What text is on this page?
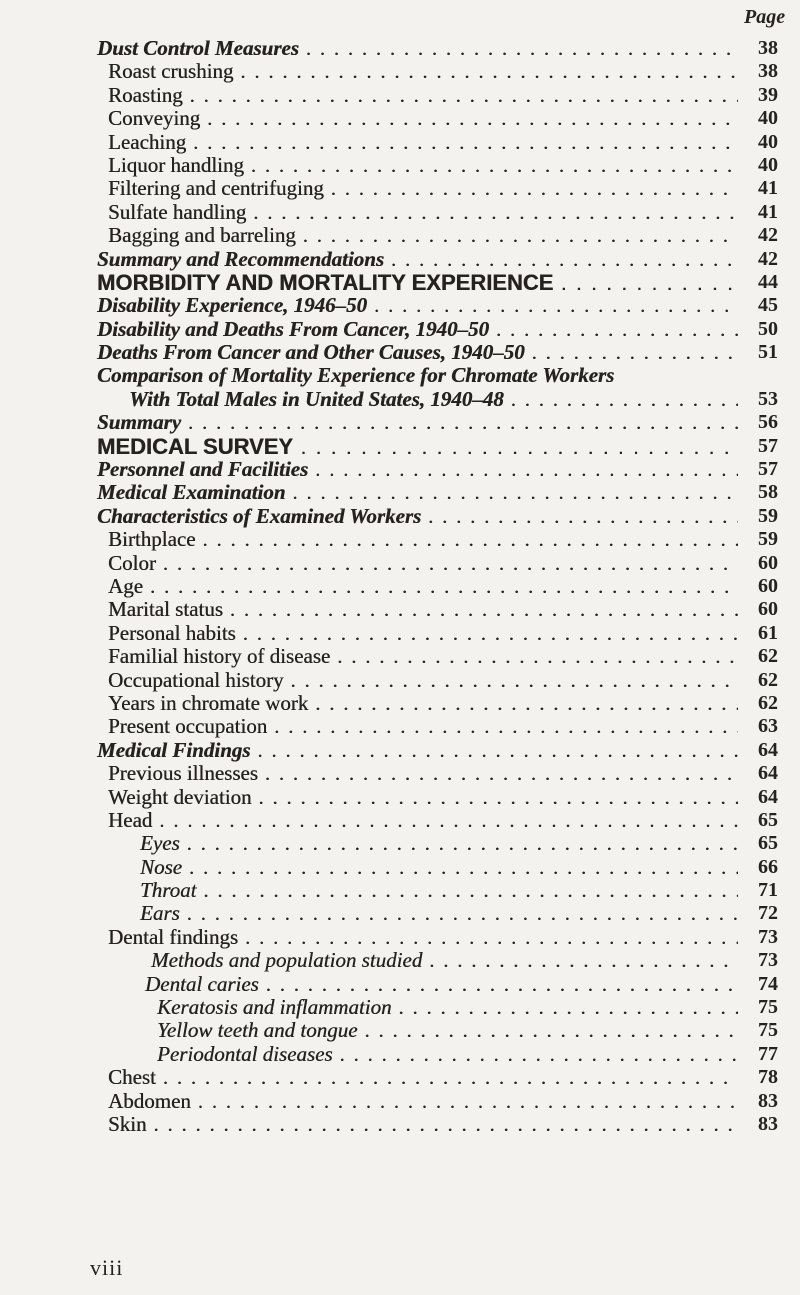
Page
Dust Control Measures . . .	38
Roast crushing . . .	38
Roasting . . .	39
Conveying . . .	40
Leaching . . .	40
Liquor handling . . .	40
Filtering and centrifuging . . .	41
Sulfate handling . . .	41
Bagging and barreling . . .	42
Summary and Recommendations . . .	42
MORBIDITY AND MORTALITY EXPERIENCE . . .	44
Disability Experience, 1946–50 . . .	45
Disability and Deaths From Cancer, 1940–50 . . .	50
Deaths From Cancer and Other Causes, 1940–50 . . .	51
Comparison of Mortality Experience for Chromate Workers
With Total Males in United States, 1940–48 . . .	53
Summary . . .	56
MEDICAL SURVEY . . .	57
Personnel and Facilities . . .	57
Medical Examination . . .	58
Characteristics of Examined Workers . . .	59
Birthplace . . .	59
Color . . .	60
Age . . .	60
Marital status . . .	60
Personal habits . . .	61
Familial history of disease . . .	62
Occupational history . . .	62
Years in chromate work . . .	62
Present occupation . . .	63
Medical Findings . . .	64
Previous illnesses . . .	64
Weight deviation . . .	64
Head . . .	65
Eyes . . .	65
Nose . . .	66
Throat . . .	71
Ears . . .	72
Dental findings . . .	73
Methods and population studied . . .	73
Dental caries . . .	74
Keratosis and inflammation . . .	75
Yellow teeth and tongue . . .	75
Periodontal diseases . . .	77
Chest . . .	78
Abdomen . . .	83
Skin . . .	83
viii
